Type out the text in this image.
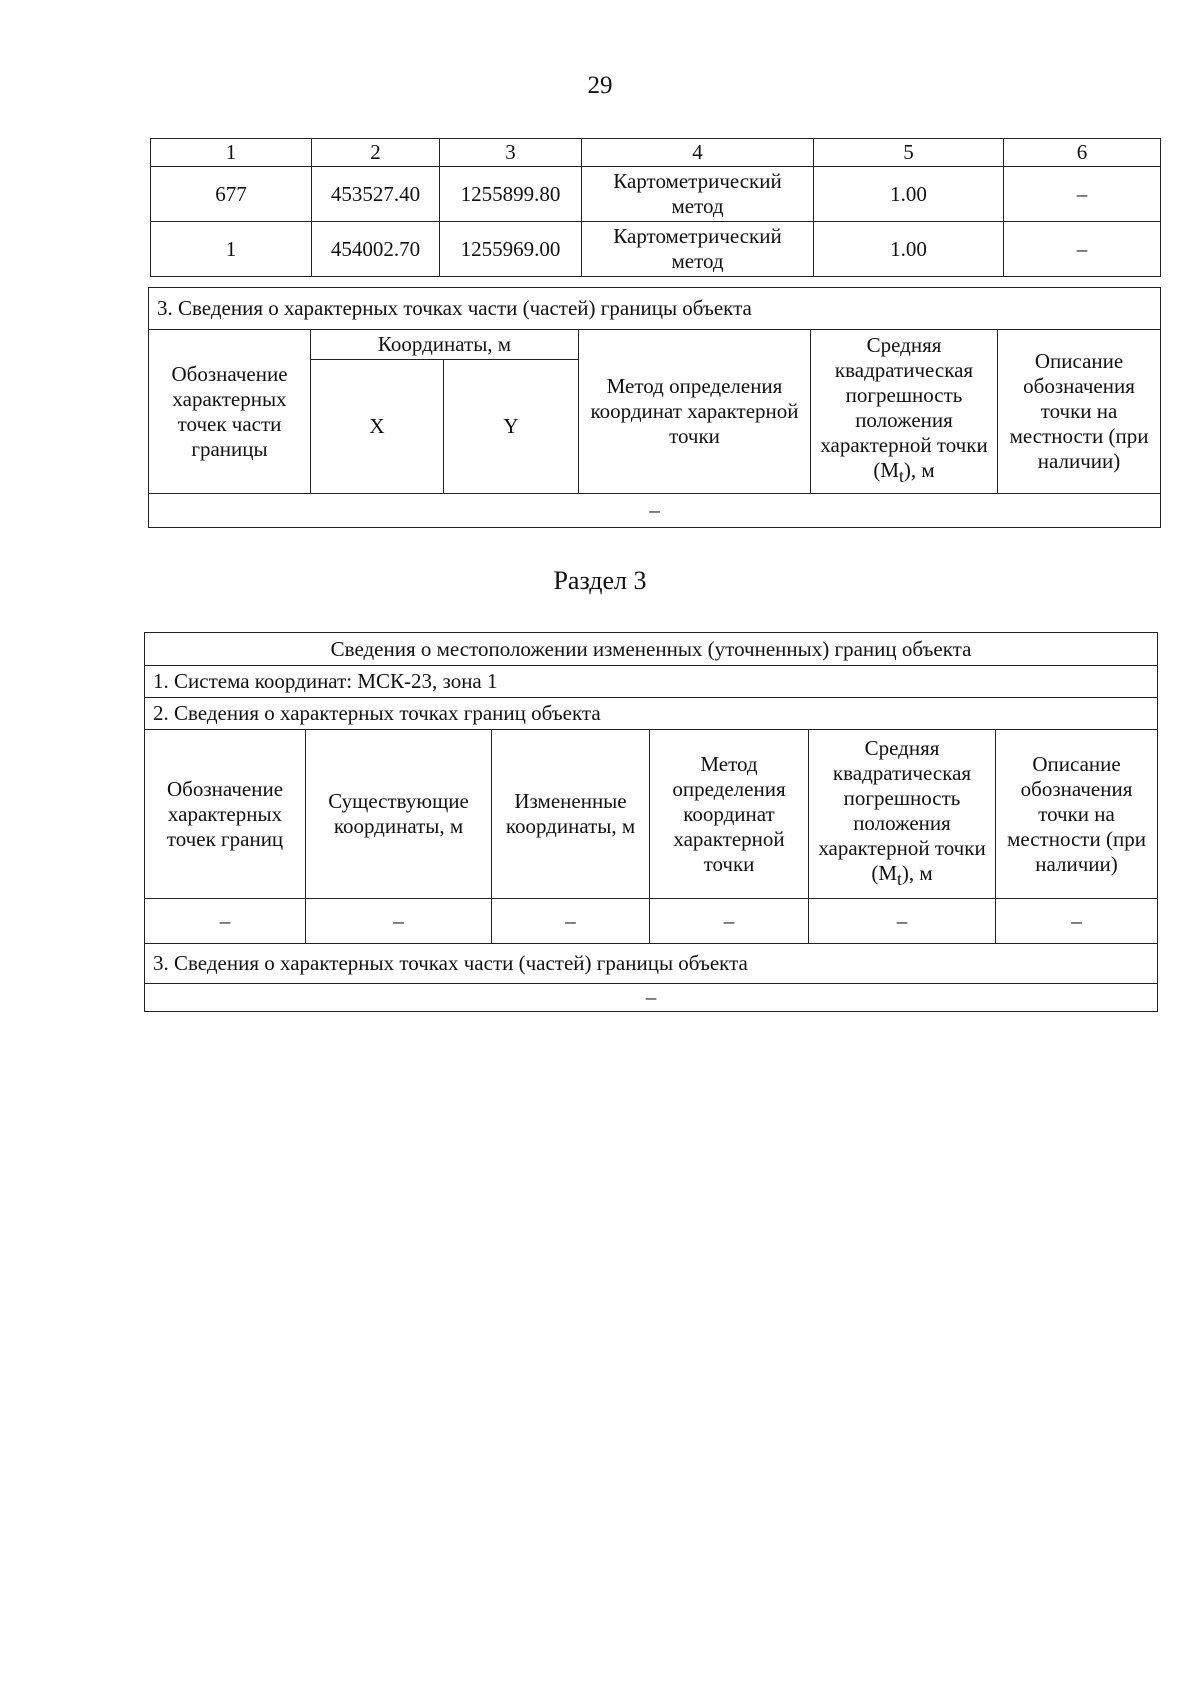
29
1	2	3	4	5	6
677	453527.40	1255899.80	Картометрический метод	1.00	–
1	454002.70	1255969.00	Картометрический метод	1.00	–
3. Сведения о характерных точках части (частей) границы объекта					
Обозначение характерных точек части границы	Координаты, м		Метод определения координат характерной точки	Средняя квадратическая погрешность положения характерной точки $(M_t)$, м	Описание обозначения точки на местности (при наличии)
	X	Y			
–					
Раздел 3
Сведения о местоположении измененных (уточненных) границ объекта					
1. Система координат: МСК-23, зона 1					
2. Сведения о характерных точках границ объекта					
Обозначение характерных точек границ	Существующие координаты, м	Измененные координаты, м	Метод определения координат характерной точки	Средняя квадратическая погрешность положения характерной точки $(M_t)$, м	Описание обозначения точки на местности (при наличии)
–	–	–	–	–	–
3. Сведения о характерных точках части (частей) границы объекта					
–					
